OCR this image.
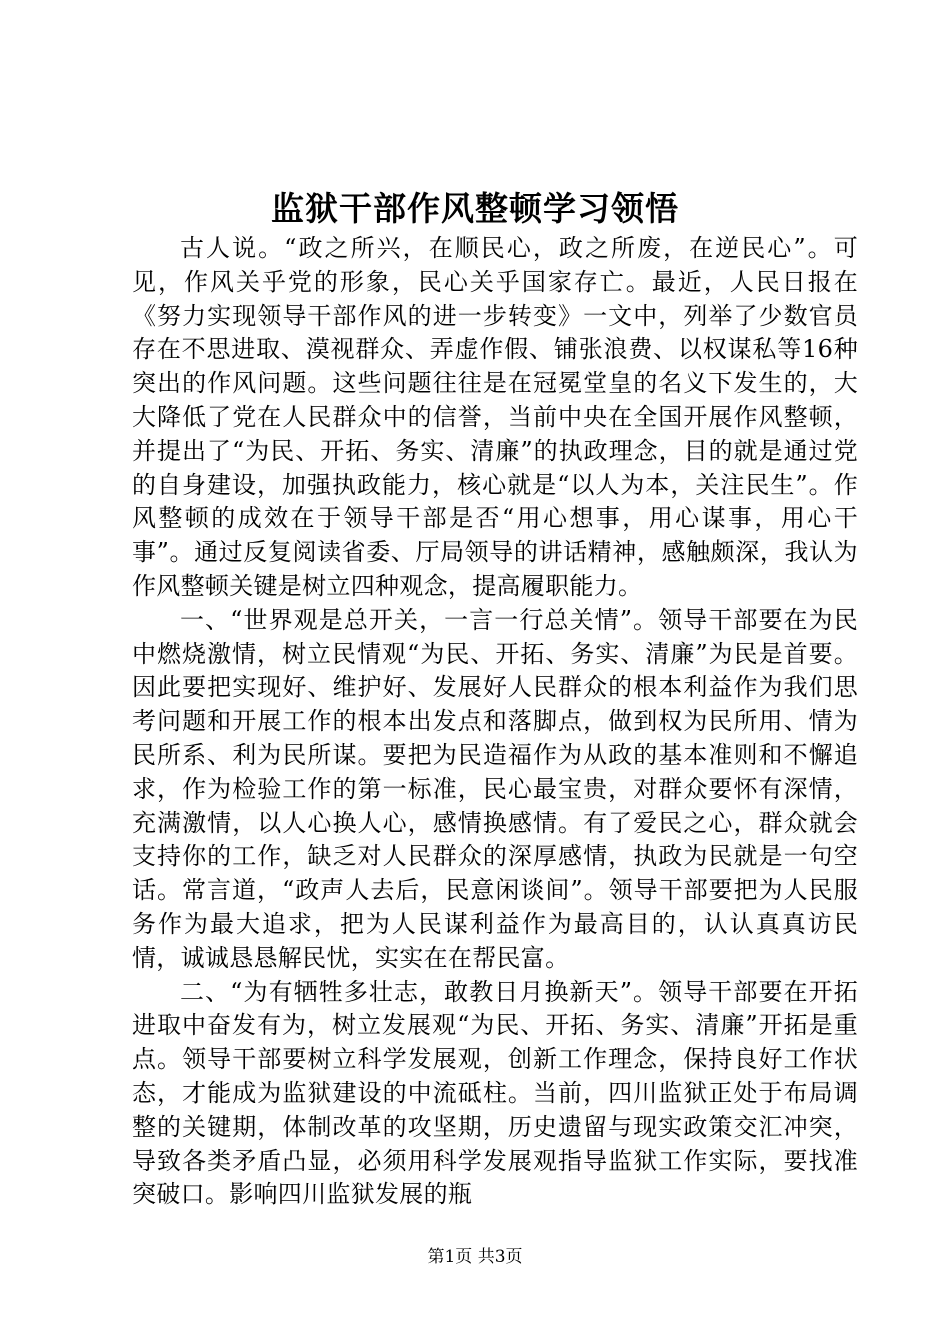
监狱干部作风整顿学习领悟

古人说。“政之所兴，在顺民心，政之所废，在逆民心”。可见，作风关乎党的形象，民心关乎国家存亡。最近，人民日报在《努力实现领导干部作风的进一步转变》一文中，列举了少数官员存在不思进取、漠视群众、弄虚作假、铺张浪费、以权谋私等16种突出的作风问题。这些问题往往是在冠冕堂皇的名义下发生的，大大降低了党在人民群众中的信誉，当前中央在全国开展作风整顿，并提出了“为民、开拓、务实、清廉”的执政理念，目的就是通过党的自身建设，加强执政能力，核心就是“以人为本，关注民生”。作风整顿的成效在于领导干部是否“用心想事，用心谋事，用心干事”。通过反复阅读省委、厅局领导的讲话精神，感触颇深，我认为作风整顿关键是树立四种观念，提高履职能力。

一、“世界观是总开关，一言一行总关情”。领导干部要在为民中燃烧激情，树立民情观“为民、开拓、务实、清廉”为民是首要。因此要把实现好、维护好、发展好人民群众的根本利益作为我们思考问题和开展工作的根本出发点和落脚点，做到权为民所用、情为民所系、利为民所谋。要把为民造福作为从政的基本准则和不懈追求，作为检验工作的第一标准，民心最宝贵，对群众要怀有深情，充满激情，以人心换人心，感情换感情。有了爱民之心，群众就会支持你的工作，缺乏对人民群众的深厚感情，执政为民就是一句空话。常言道，“政声人去后，民意闲谈间”。领导干部要把为人民服务作为最大追求，把为人民谋利益作为最高目的，认认真真访民情，诚诚恳恳解民忧，实实在在帮民富。

二、“为有牺牲多壮志，敢教日月换新天”。领导干部要在开拓进取中奋发有为，树立发展观“为民、开拓、务实、清廉”开拓是重点。领导干部要树立科学发展观，创新工作理念，保持良好工作状态，才能成为监狱建设的中流砥柱。当前，四川监狱正处于布局调整的关键期，体制改革的攻坚期，历史遗留与现实政策交汇冲突，导致各类矛盾凸显，必须用科学发展观指导监狱工作实际，要找准突破口。影响四川监狱发展的瓶

第1页 共3页
